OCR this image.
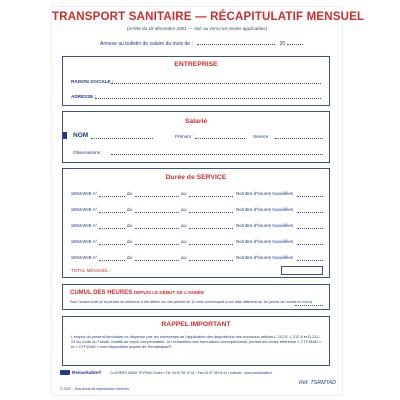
TRANSPORT SANITAIRE — RÉCAPITULATIF MENSUEL
(Arrêté du 18 décembre 2001 — Voir au verso les textes applicables)
Annexe au bulletin de salaire du mois de :	20
ENTREPRISE
RAISON SOCIALE :
ADRESSE :
Salarié
NOM	Prénom :	Service :
Observations :
Durée de SERVICE
SEMAINE n°	du	au	Nombre d'heures travaillées
SEMAINE n°	du	au	Nombre d'heures travaillées
SEMAINE n°	du	au	Nombre d'heures travaillées
SEMAINE n°	du	au	Nombre d'heures travaillées
SEMAINE n°	du	au	Nombre d'heures travaillées
TOTAL MENSUEL :
CUMUL DES HEURES DEPUIS LE DÉBUT DE L'ANNÉE
Pour l'année civile (si la période de référence a été définie sur une période de 12 mois commençant à une date différente du 1er janvier de l'année en cours)
RAPPEL IMPORTANT
L'emploi du présent formulaire ne dispense pas les entreprises de l'application des dispositions des nouveaux articles L.212-5, L.212-9 et D.212-22 du Code du Travail, relatifs au repos compensateur. Un échantillon des formulaires correspondants, portant les codes référence « CTF18AD » et « CTF19AD » sont disponibles auprès de Remarkable®
Remarkable®	CLAPIERS 34830 TEYRAN Cedex • Tél. 04 67 55 12 91 • Fax 04 67 55 04 04 • internet : www.remarkable.fr
Réf. TSRMTAD
© 2002 - Tous droits de reproduction réservés
